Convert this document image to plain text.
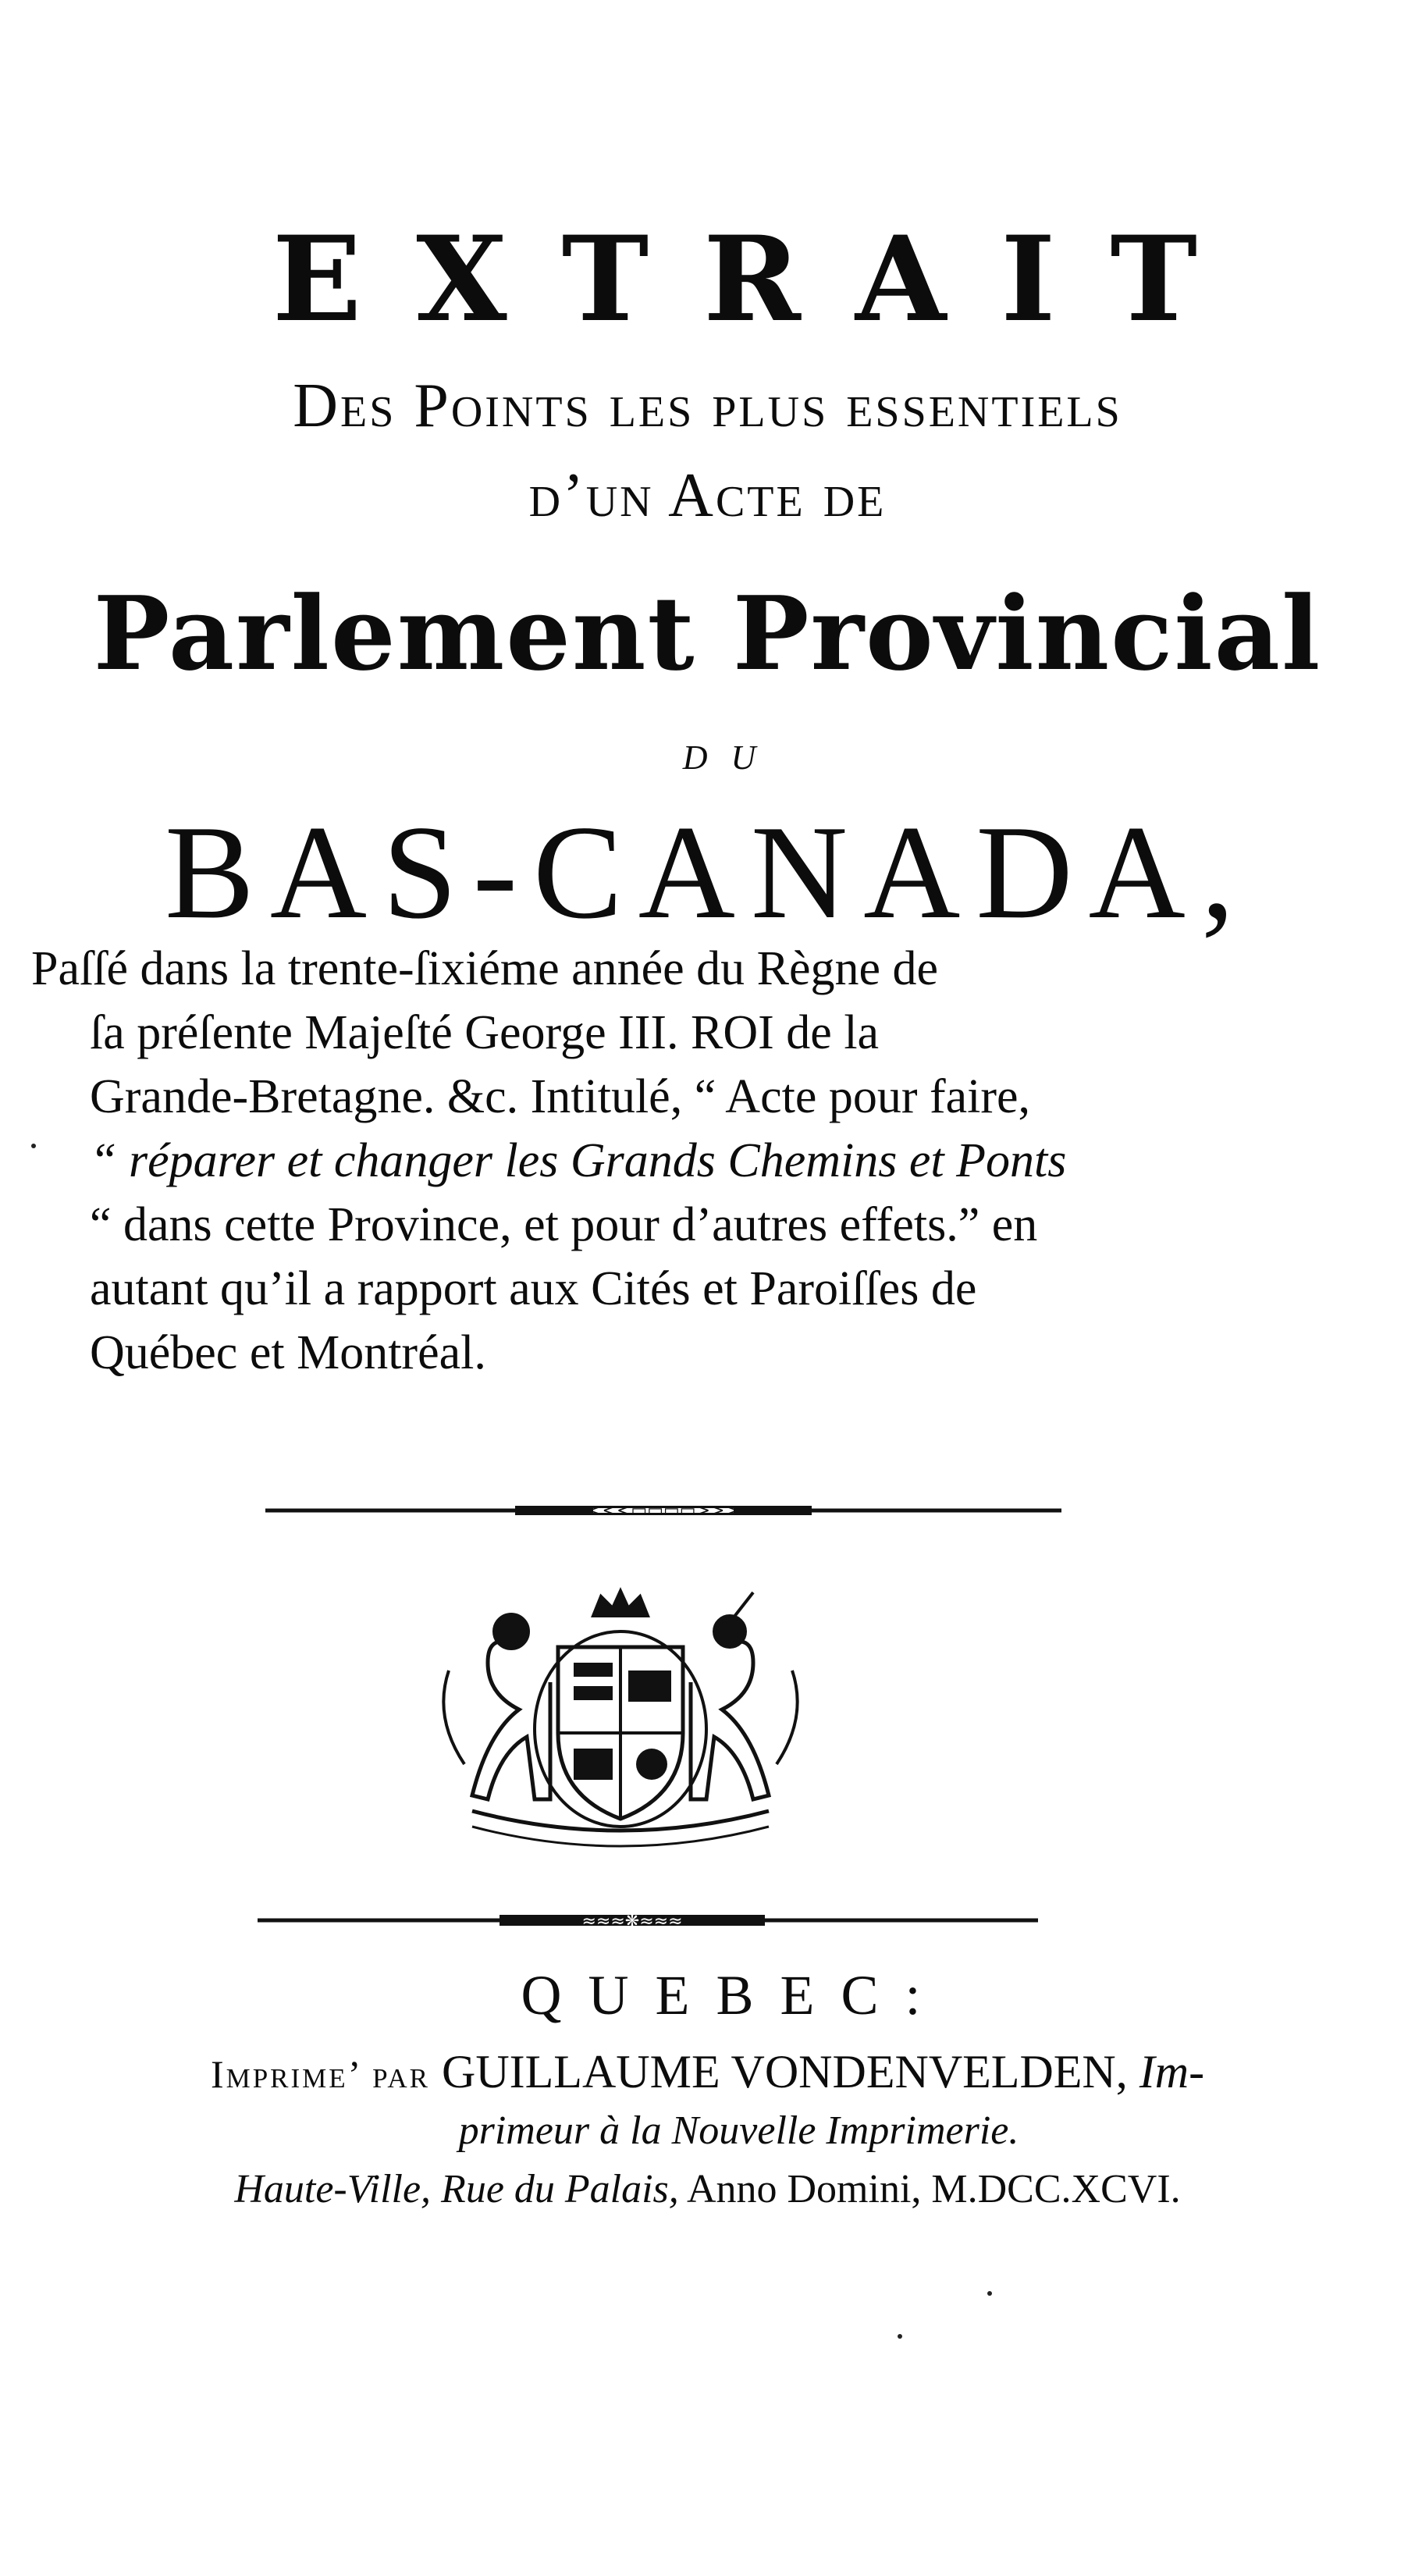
EXTRAIT
Des Points les plus essentiels
d’un Acte de
Parlement Provincial
DU
BAS-CANADA,
Paſſé dans la trente-ſixiéme année du Règne de
ſa préſente Majeſté George III. ROI de la
Grande-Bretagne. &c. Intitulé, “ Acte pour faire,
“ réparer et changer les Grands Chemins et Ponts
“ dans cette Province, et pour d’autres effets.” en
autant qu’il a rapport aux Cités et Paroiſſes de
Québec et Montréal.
<<<▭▭▭▭>>>
≈≈≈❋≈≈≈
QUEBEC:
Imprime’ par GUILLAUME VONDENVELDEN, Im-
primeur à la Nouvelle Imprimerie.
Haute-Ville, Rue du Palais, Anno Domini, M.DCC.XCVI.
